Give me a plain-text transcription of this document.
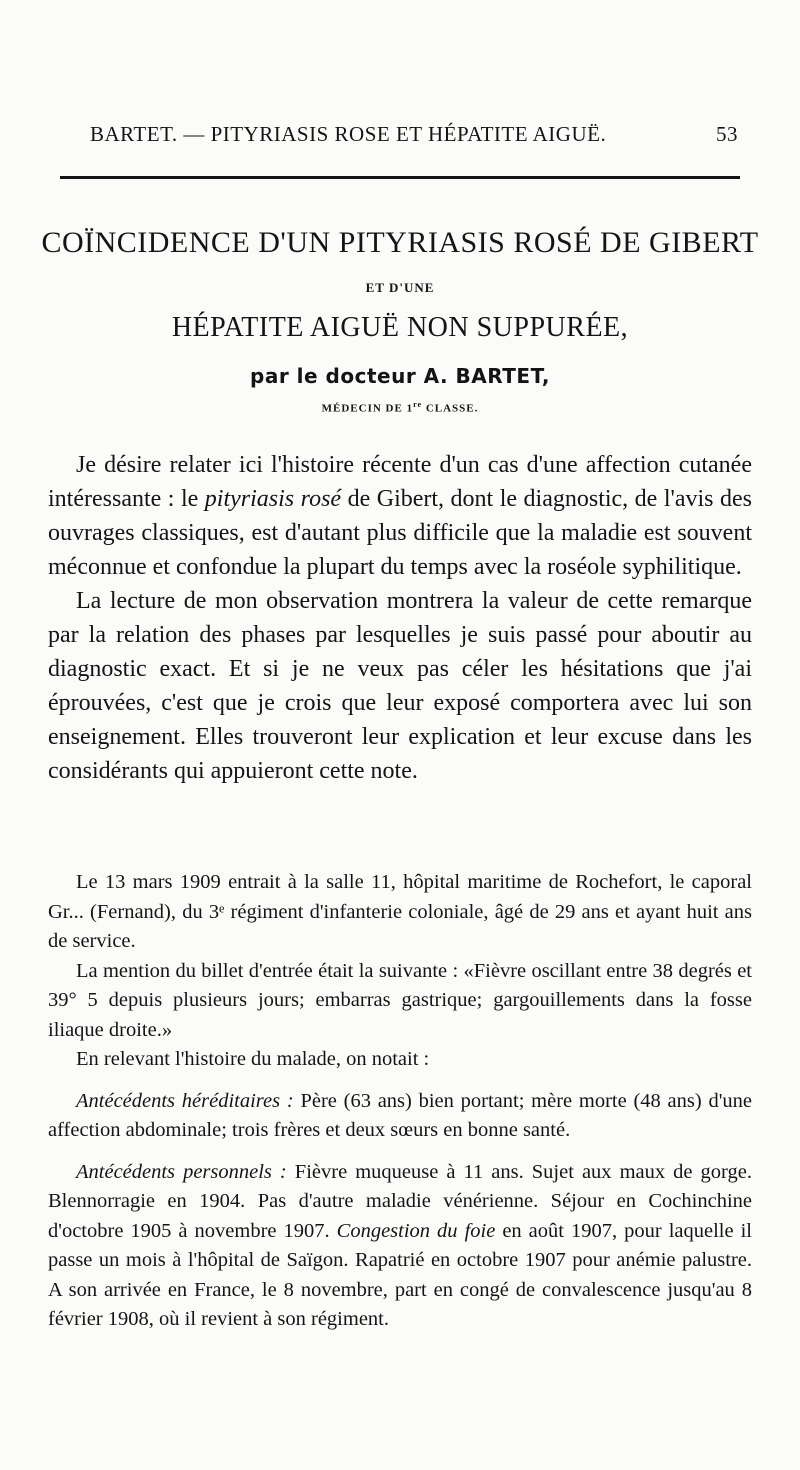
BARTET. — PITYRIASIS ROSE ET HÉPATITE AIGUË.	53
COÏNCIDENCE D'UN PITYRIASIS ROSÉ DE GIBERT
ET D'UNE
HÉPATITE AIGUË NON SUPPURÉE,
par le docteur A. BARTET,
MÉDECIN DE 1re CLASSE.

Je désire relater ici l'histoire récente d'un cas d'une affection cutanée intéressante : le pityriasis rosé de Gibert, dont le diagnostic, de l'avis des ouvrages classiques, est d'autant plus difficile que la maladie est souvent méconnue et confondue la plupart du temps avec la roséole syphilitique.

La lecture de mon observation montrera la valeur de cette remarque par la relation des phases par lesquelles je suis passé pour aboutir au diagnostic exact. Et si je ne veux pas céler les hésitations que j'ai éprouvées, c'est que je crois que leur exposé comportera avec lui son enseignement. Elles trouveront leur explication et leur excuse dans les considérants qui appuieront cette note.

Le 13 mars 1909 entrait à la salle 11, hôpital maritime de Rochefort, le caporal Gr... (Fernand), du 3ᵉ régiment d'infanterie coloniale, âgé de 29 ans et ayant huit ans de service.

La mention du billet d'entrée était la suivante : «Fièvre oscillant entre 38 degrés et 39° 5 depuis plusieurs jours; embarras gastrique; gargouillements dans la fosse iliaque droite.»

En relevant l'histoire du malade, on notait :

Antécédents héréditaires : Père (63 ans) bien portant; mère morte (48 ans) d'une affection abdominale; trois frères et deux sœurs en bonne santé.

Antécédents personnels : Fièvre muqueuse à 11 ans. Sujet aux maux de gorge. Blennorragie en 1904. Pas d'autre maladie vénérienne. Séjour en Cochinchine d'octobre 1905 à novembre 1907. Congestion du foie en août 1907, pour laquelle il passe un mois à l'hôpital de Saïgon. Rapatrié en octobre 1907 pour anémie palustre. A son arrivée en France, le 8 novembre, part en congé de convalescence jusqu'au 8 février 1908, où il revient à son régiment.
